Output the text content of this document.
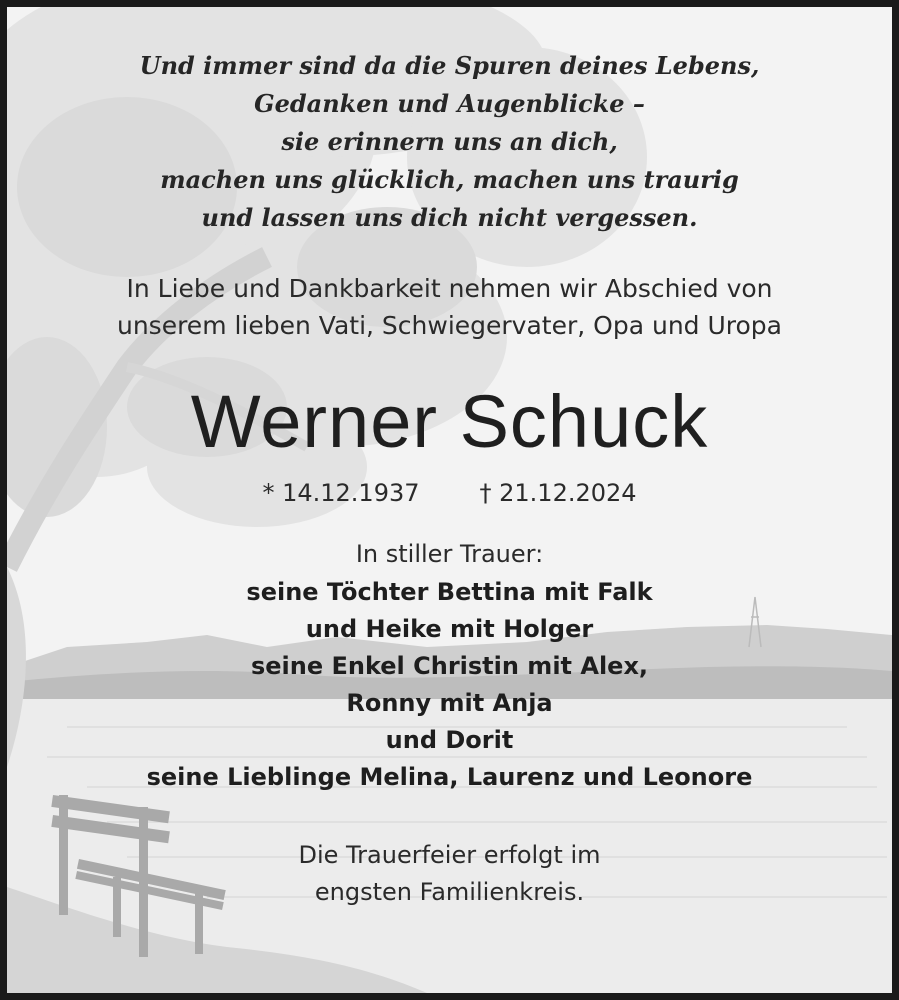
Und immer sind da die Spuren deines Lebens,
Gedanken und Augenblicke –
sie erinnern uns an dich,
machen uns glücklich, machen uns traurig
und lassen uns dich nicht vergessen.
In Liebe und Dankbarkeit nehmen wir Abschied von
unserem lieben Vati, Schwiegervater, Opa und Uropa
Werner Schuck
* 14.12.1937	† 21.12.2024
In stiller Trauer:
seine Töchter Bettina mit Falk
und Heike mit Holger
seine Enkel Christin mit Alex,
Ronny mit Anja
und Dorit
seine Lieblinge Melina, Laurenz und Leonore
Die Trauerfeier erfolgt im
engsten Familienkreis.
